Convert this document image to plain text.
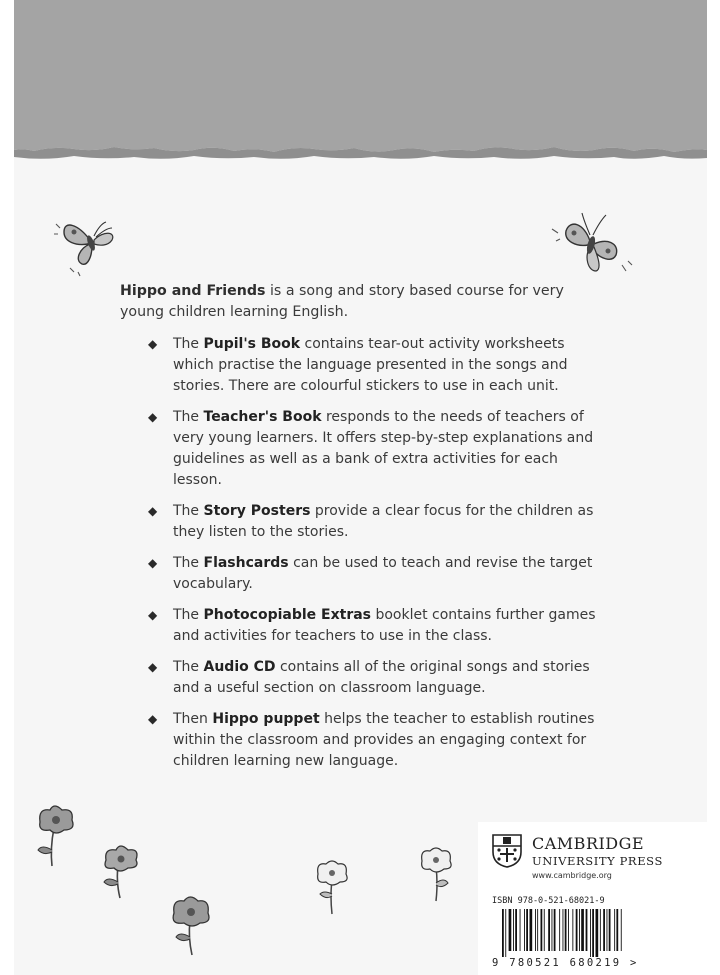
Hippo and Friends is a song and story based course for very young children learning English.
◆ The Pupil's Book contains tear-out activity worksheets which practise the language presented in the songs and stories. There are colourful stickers to use in each unit.
◆ The Teacher's Book responds to the needs of teachers of very young learners. It offers step-by-step explanations and guidelines as well as a bank of extra activities for each lesson.
◆ The Story Posters provide a clear focus for the children as they listen to the stories.
◆ The Flashcards can be used to teach and revise the target vocabulary.
◆ The Photocopiable Extras booklet contains further games and activities for teachers to use in the class.
◆ The Audio CD contains all of the original songs and stories and a useful section on classroom language.
◆ Then Hippo puppet helps the teacher to establish routines within the classroom and provides an engaging context for children learning new language.
CAMBRIDGE
UNIVERSITY PRESS
www.cambridge.org
ISBN 978-0-521-68021-9
9 780521 680219 >
